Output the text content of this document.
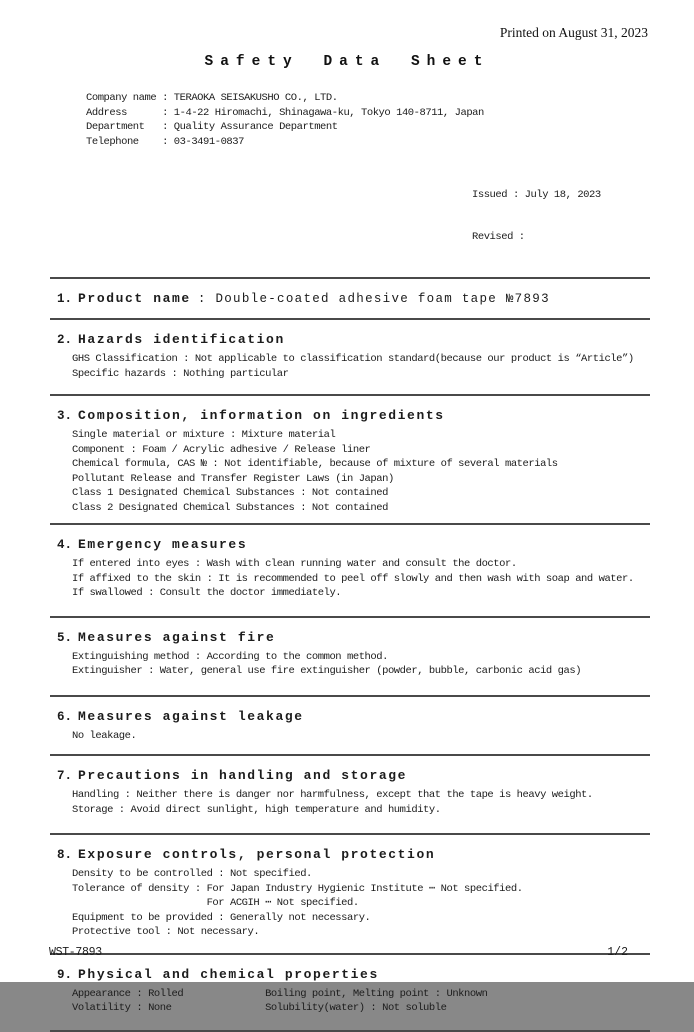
Printed on August 31, 2023
Safety Data Sheet
Company name : TERAOKA SEISAKUSHO CO., LTD.
Address      : 1-4-22 Hiromachi, Shinagawa-ku, Tokyo 140-8711, Japan
Department   : Quality Assurance Department
Telephone    : 03-3491-0837

Issued : July 18, 2023

Revised :

1. Product name : Double-coated adhesive foam tape №7893
2. Hazards identification
GHS Classification : Not applicable to classification standard(because our product is “Article”)
Specific hazards : Nothing particular
3. Composition, information on ingredients
Single material or mixture : Mixture material
Component : Foam / Acrylic adhesive / Release liner
Chemical formula, CAS № : Not identifiable, because of mixture of several materials
Pollutant Release and Transfer Register Laws (in Japan)
Class 1 Designated Chemical Substances : Not contained
Class 2 Designated Chemical Substances : Not contained
4. Emergency measures
If entered into eyes : Wash with clean running water and consult the doctor.
If affixed to the skin : It is recommended to peel off slowly and then wash with soap and water.
If swallowed : Consult the doctor immediately.
5. Measures against fire
Extinguishing method : According to the common method.
Extinguisher : Water, general use fire extinguisher (powder, bubble, carbonic acid gas)
6. Measures against leakage
No leakage.
7. Precautions in handling and storage
Handling : Neither there is danger nor harmfulness, except that the tape is heavy weight.
Storage : Avoid direct sunlight, high temperature and humidity.
8. Exposure controls, personal protection
Density to be controlled : Not specified.
Tolerance of density : For Japan Industry Hygienic Institute ⋯ Not specified.
For ACGIH ⋯ Not specified.
Equipment to be provided : Generally not necessary.
Protective tool : Not necessary.
9. Physical and chemical properties
Appearance : Rolled              Boiling point, Melting point : Unknown
Volatility : None                Solubility(water) : Not soluble
WST-7893	1/2
